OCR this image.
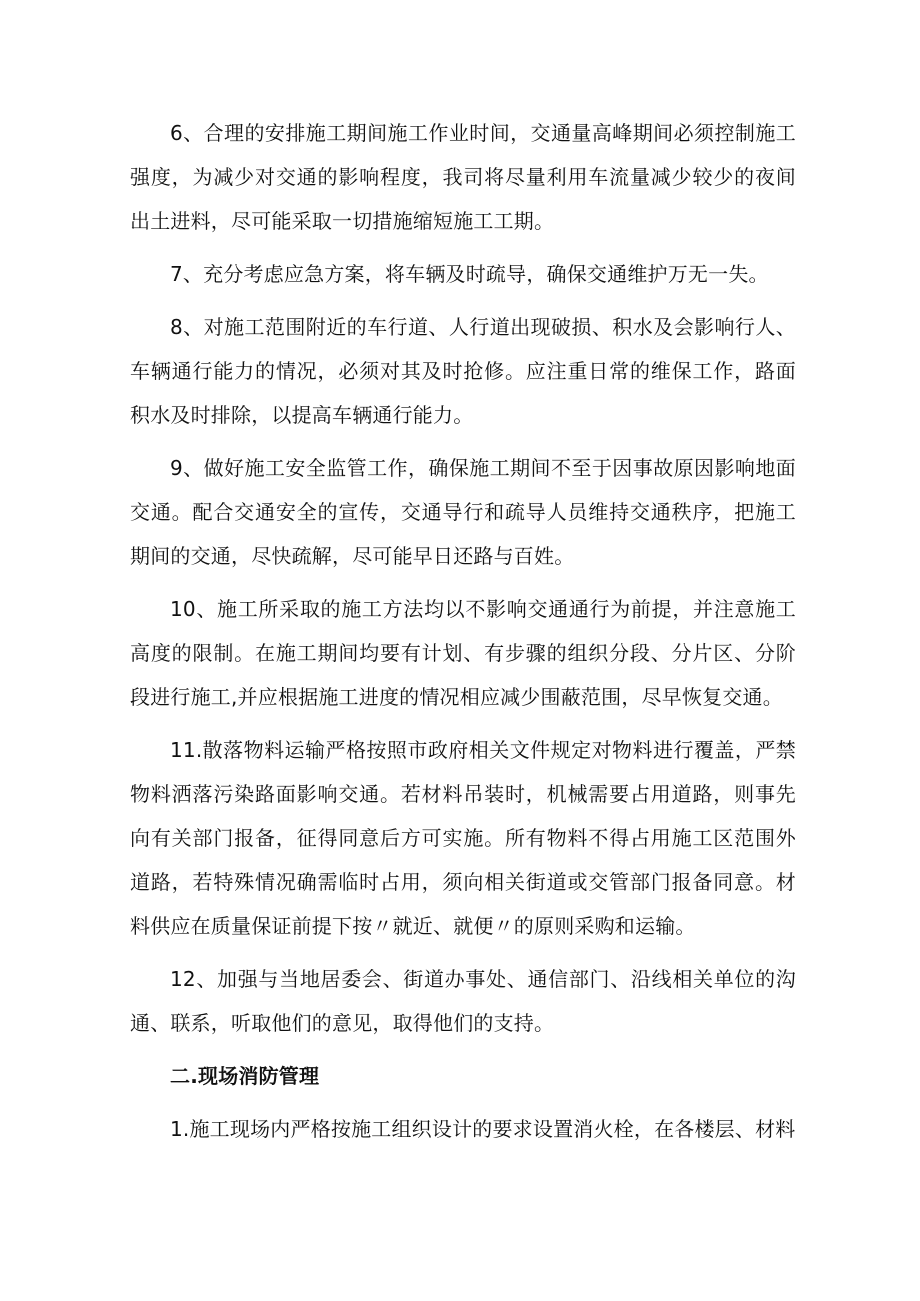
6、合理的安排施工期间施工作业时间，交通量高峰期间必须控制施工强度，为减少对交通的影响程度，我司将尽量利用车流量减少较少的夜间出土进料，尽可能采取一切措施缩短施工工期。

7、充分考虑应急方案，将车辆及时疏导，确保交通维护万无一失。

8、对施工范围附近的车行道、人行道出现破损、积水及会影响行人、车辆通行能力的情况，必须对其及时抢修。应注重日常的维保工作，路面积水及时排除，以提高车辆通行能力。

9、做好施工安全监管工作，确保施工期间不至于因事故原因影响地面交通。配合交通安全的宣传，交通导行和疏导人员维持交通秩序，把施工期间的交通，尽快疏解，尽可能早日还路与百姓。

10、施工所采取的施工方法均以不影响交通通行为前提，并注意施工高度的限制。在施工期间均要有计划、有步骤的组织分段、分片区、分阶段进行施工,并应根据施工进度的情况相应减少围蔽范围，尽早恢复交通。

11.散落物料运输严格按照市政府相关文件规定对物料进行覆盖，严禁物料洒落污染路面影响交通。若材料吊装时，机械需要占用道路，则事先向有关部门报备，征得同意后方可实施。所有物料不得占用施工区范围外道路，若特殊情况确需临时占用，须向相关街道或交管部门报备同意。材料供应在质量保证前提下按〃就近、就便〃的原则采购和运输。

12、加强与当地居委会、街道办事处、通信部门、沿线相关单位的沟通、联系，听取他们的意见，取得他们的支持。

二.现场消防管理

1.施工现场内严格按施工组织设计的要求设置消火栓，在各楼层、材料
